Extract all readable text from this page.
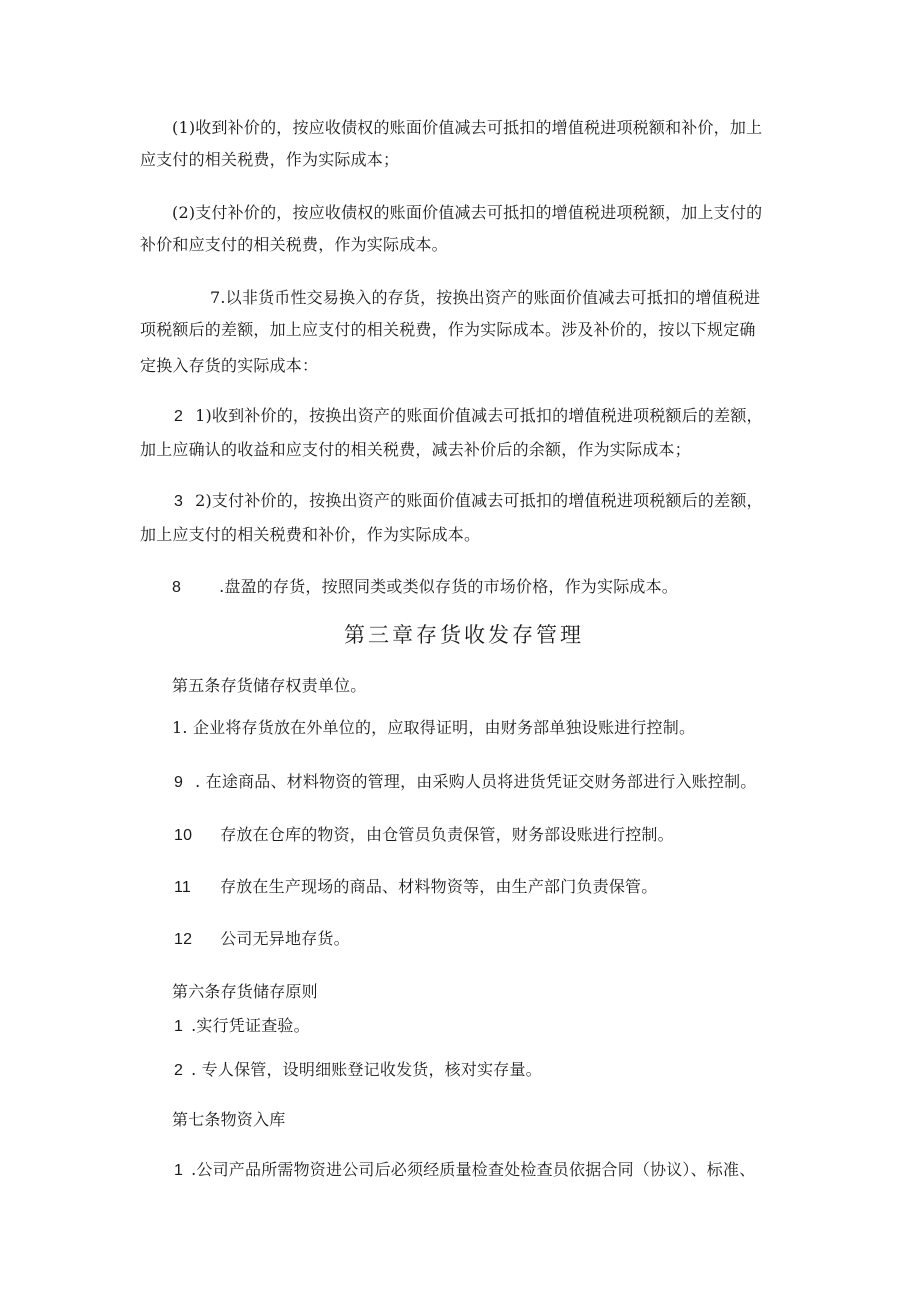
(1)收到补价的，按应收债权的账面价值减去可抵扣的增值税进项税额和补价，加上
应支付的相关税费，作为实际成本；
(2)支付补价的，按应收债权的账面价值减去可抵扣的增值税进项税额，加上支付的
补价和应支付的相关税费，作为实际成本。
7.以非货币性交易换入的存货，按换出资产的账面价值减去可抵扣的增值税进
项税额后的差额，加上应支付的相关税费，作为实际成本。涉及补价的，按以下规定确
定换入存货的实际成本：
2 1)收到补价的，按换出资产的账面价值减去可抵扣的增值税进项税额后的差额，
加上应确认的收益和应支付的相关税费，减去补价后的余额，作为实际成本；
3 2)支付补价的，按换出资产的账面价值减去可抵扣的增值税进项税额后的差额，
加上应支付的相关税费和补价，作为实际成本。
8 .盘盈的存货，按照同类或类似存货的市场价格，作为实际成本。
第三章存货收发存管理
第五条存货储存权责单位。
1. 企业将存货放在外单位的，应取得证明，由财务部单独设账进行控制。
9 . 在途商品、材料物资的管理，由采购人员将进货凭证交财务部进行入账控制。
10 存放在仓库的物资，由仓管员负责保管，财务部设账进行控制。
11 存放在生产现场的商品、材料物资等，由生产部门负责保管。
12 公司无异地存货。
第六条存货储存原则
1 .实行凭证查验。
2 . 专人保管，设明细账登记收发货，核对实存量。
第七条物资入库
1 .公司产品所需物资进公司后必须经质量检查处检查员依据合同（协议）、标准、
